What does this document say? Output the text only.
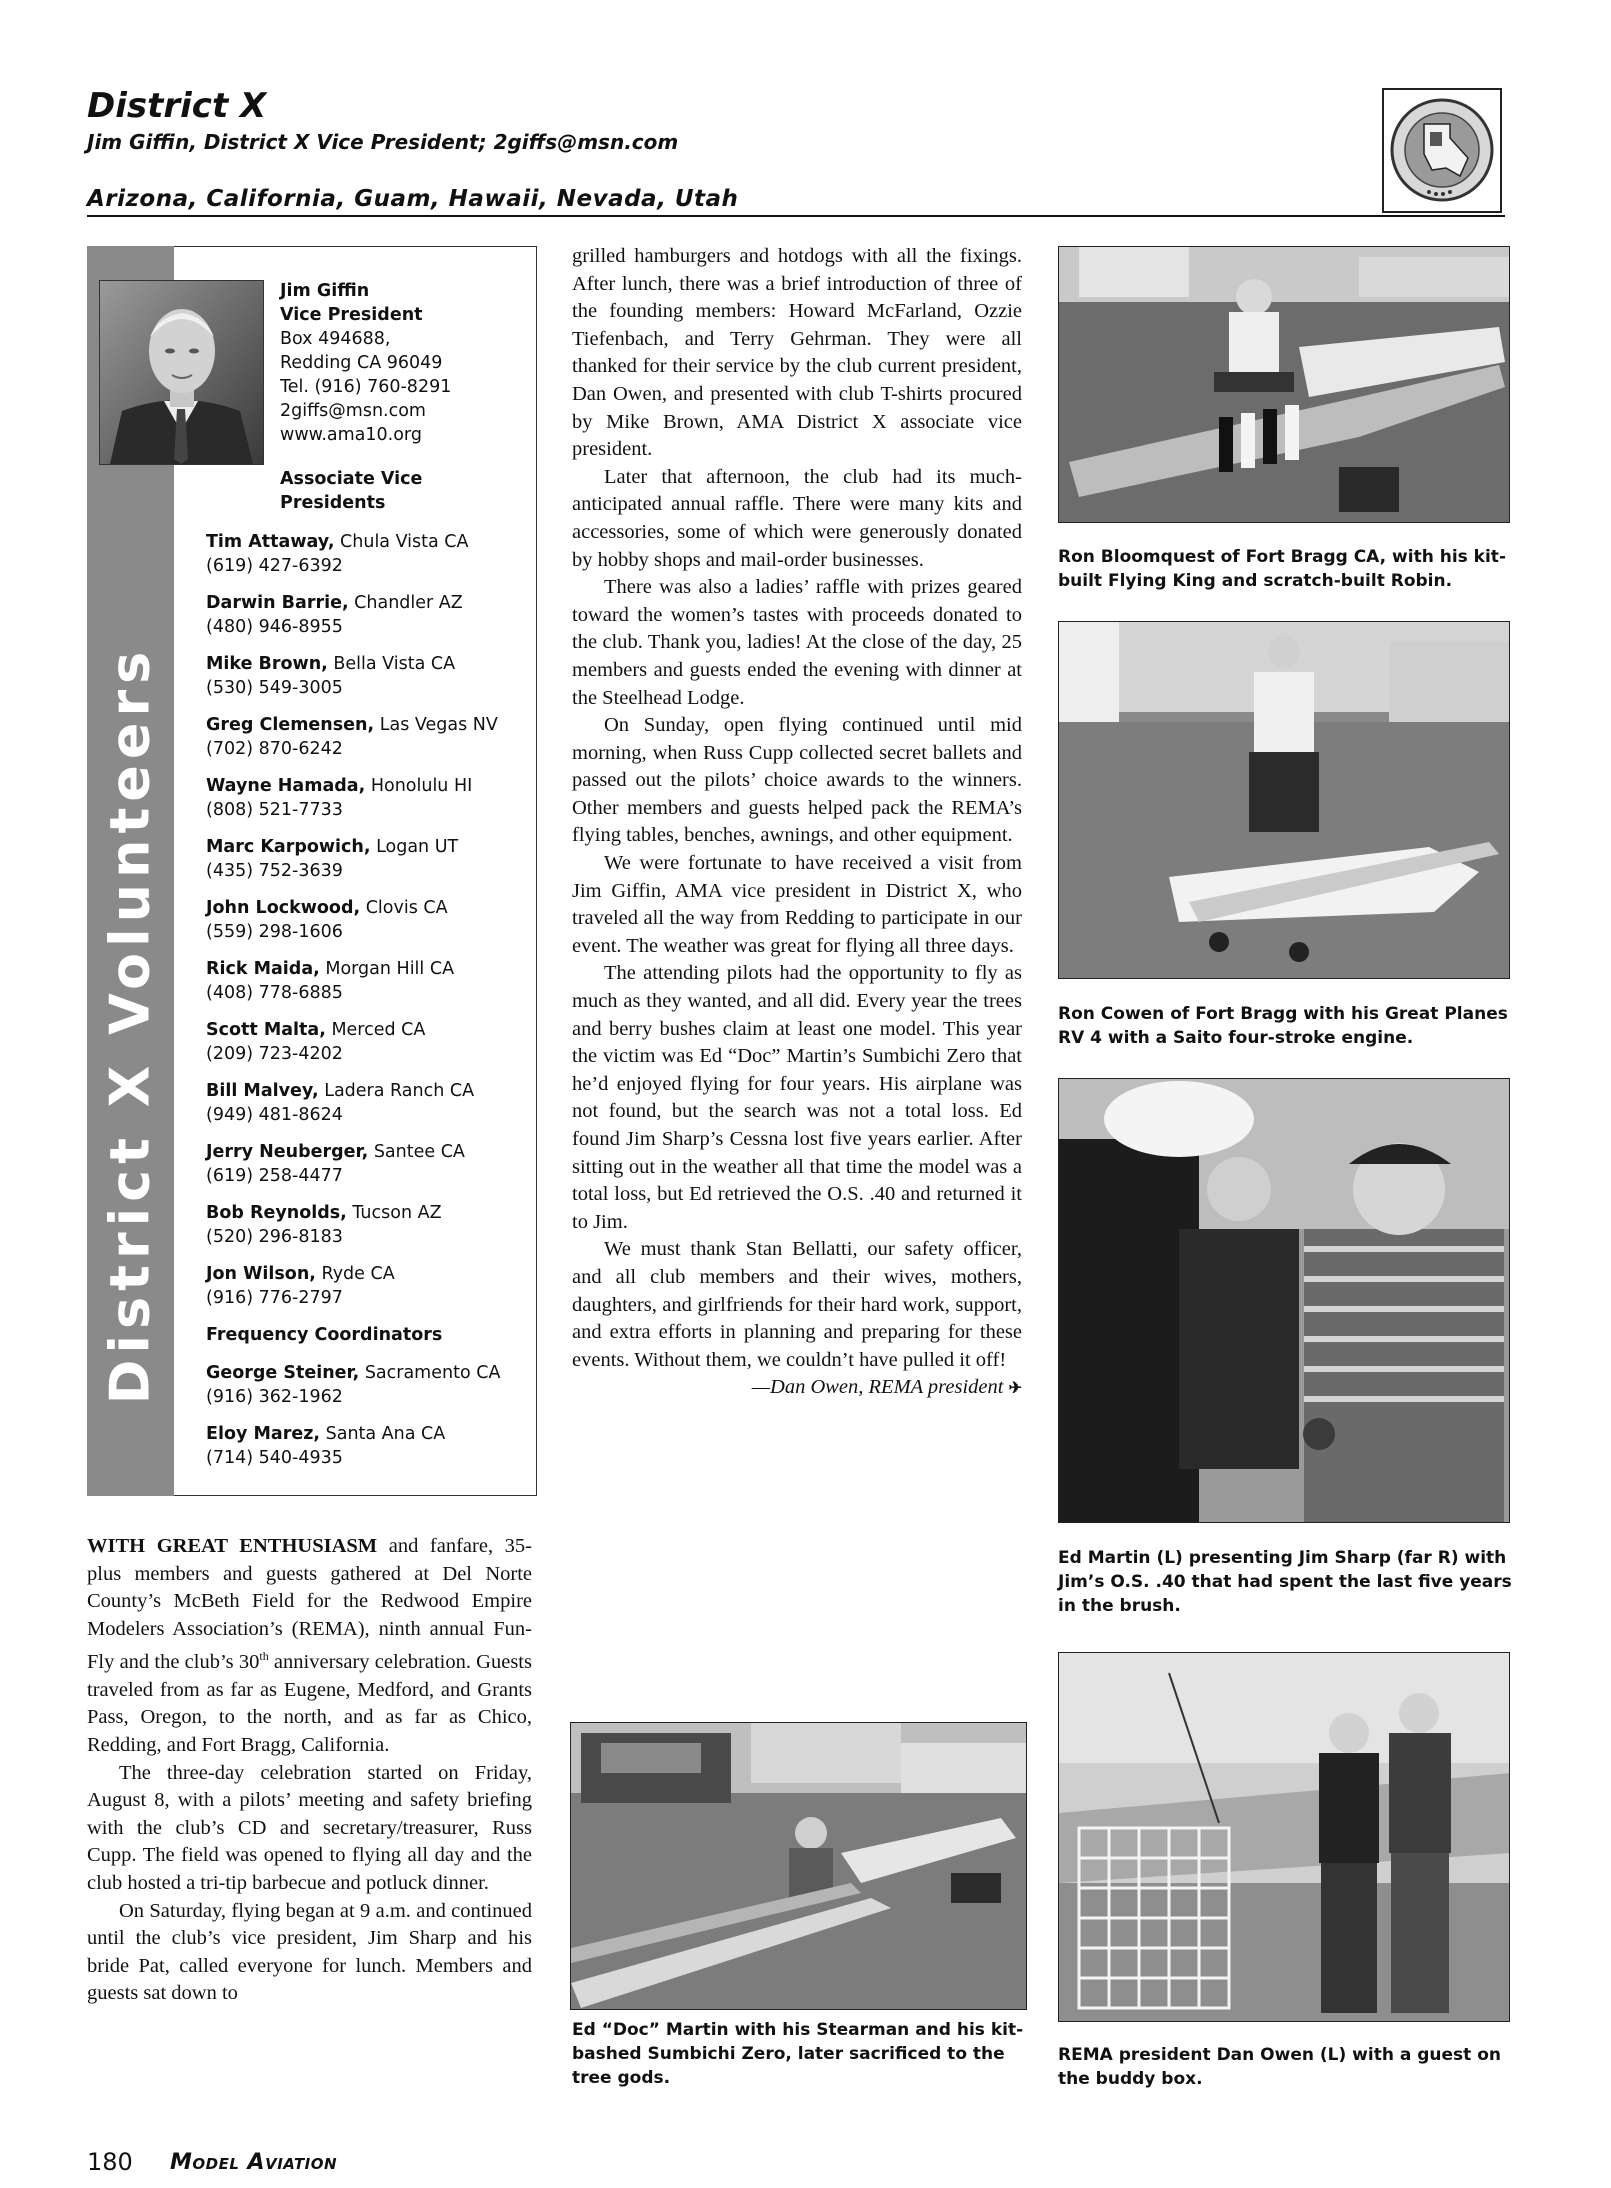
District X
Jim Giffin, District X Vice President; 2giffs@msn.com
Arizona, California, Guam, Hawaii, Nevada, Utah
District X Volunteers
Jim Giffin
Vice President
Box 494688,
Redding CA 96049
Tel. (916) 760-8291
2giffs@msn.com
www.ama10.org
Associate Vice
Presidents
Tim Attaway, Chula Vista CA
(619) 427-6392
Darwin Barrie, Chandler AZ
(480) 946-8955
Mike Brown, Bella Vista CA
(530) 549-3005
Greg Clemensen, Las Vegas NV
(702) 870-6242
Wayne Hamada, Honolulu HI
(808) 521-7733
Marc Karpowich, Logan UT
(435) 752-3639
John Lockwood, Clovis CA
(559) 298-1606
Rick Maida, Morgan Hill CA
(408) 778-6885
Scott Malta, Merced CA
(209) 723-4202
Bill Malvey, Ladera Ranch CA
(949) 481-8624
Jerry Neuberger, Santee CA
(619) 258-4477
Bob Reynolds, Tucson AZ
(520) 296-8183
Jon Wilson, Ryde CA
(916) 776-2797
Frequency Coordinators
George Steiner, Sacramento CA
(916) 362-1962
Eloy Marez, Santa Ana CA
(714) 540-4935

WITH GREAT ENTHUSIASM and fanfare, 35-plus members and guests gathered at Del Norte County’s McBeth Field for the Redwood Empire Modelers Association’s (REMA), ninth annual Fun-Fly and the club’s 30th anniversary celebration. Guests traveled from as far as Eugene, Medford, and Grants Pass, Oregon, to the north, and as far as Chico, Redding, and Fort Bragg, California.

The three-day celebration started on Friday, August 8, with a pilots’ meeting and safety briefing with the club’s CD and secretary/treasurer, Russ Cupp. The field was opened to flying all day and the club hosted a tri-tip barbecue and potluck dinner.

On Saturday, flying began at 9 a.m. and continued until the club’s vice president, Jim Sharp and his bride Pat, called everyone for lunch. Members and guests sat down to

grilled hamburgers and hotdogs with all the fixings. After lunch, there was a brief introduction of three of the founding members: Howard McFarland, Ozzie Tiefenbach, and Terry Gehrman. They were all thanked for their service by the club current president, Dan Owen, and presented with club T-shirts procured by Mike Brown, AMA District X associate vice president.

Later that afternoon, the club had its much-anticipated annual raffle. There were many kits and accessories, some of which were generously donated by hobby shops and mail-order businesses.

There was also a ladies’ raffle with prizes geared toward the women’s tastes with proceeds donated to the club. Thank you, ladies! At the close of the day, 25 members and guests ended the evening with dinner at the Steelhead Lodge.

On Sunday, open flying continued until mid morning, when Russ Cupp collected secret ballets and passed out the pilots’ choice awards to the winners. Other members and guests helped pack the REMA’s flying tables, benches, awnings, and other equipment.

We were fortunate to have received a visit from Jim Giffin, AMA vice president in District X, who traveled all the way from Redding to participate in our event. The weather was great for flying all three days.

The attending pilots had the opportunity to fly as much as they wanted, and all did. Every year the trees and berry bushes claim at least one model. This year the victim was Ed “Doc” Martin’s Sumbichi Zero that he’d enjoyed flying for four years. His airplane was not found, but the search was not a total loss. Ed found Jim Sharp’s Cessna lost five years earlier. After sitting out in the weather all that time the model was a total loss, but Ed retrieved the O.S. .40 and returned it to Jim.

We must thank Stan Bellatti, our safety officer, and all club members and their wives, mothers, daughters, and girlfriends for their hard work, support, and extra efforts in planning and preparing for these events. Without them, we couldn’t have pulled it off!

—Dan Owen, REMA president ✈

Ron Bloomquest of Fort Bragg CA, with his kit-built Flying King and scratch-built Robin.
Ron Cowen of Fort Bragg with his Great Planes RV 4 with a Saito four-stroke engine.
Ed Martin (L) presenting Jim Sharp (far R) with Jim’s O.S. .40 that had spent the last five years in the brush.
Ed “Doc” Martin with his Stearman and his kit-bashed Sumbichi Zero, later sacrificed to the tree gods.
REMA president Dan Owen (L) with a guest on the buddy box.
180 Model Aviation
